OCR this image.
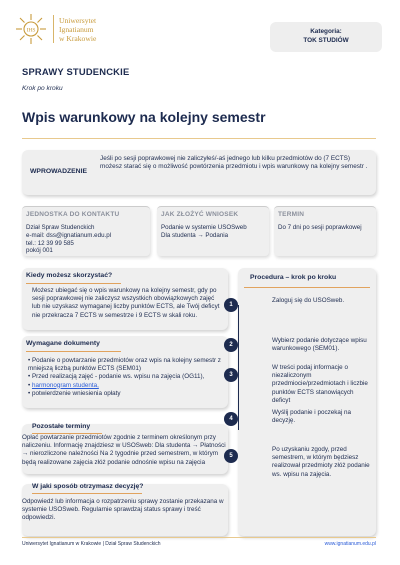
IHS
Uniwersytet
Ignatianum
w Krakowie
Kategoria:
TOK STUDIÓW
SPRAWY STUDENCKIE
Krok po kroku
Wpis warunkowy na kolejny semestr
WPROWADZENIE
Jeśli po sesji poprawkowej nie zaliczyłeś/-aś jednego lub kilku przedmiotów do (7 ECTS) możesz starać się o możliwość powtórzenia przedmiotu i wpis warunkowy na kolejny semestr .
JEDNOSTKA DO KONTAKTU
Dział Spraw Studenckich
e-mail: dss@ignatianum.edu.pl
tel.: 12 39 99 585
pokój 001
JAK ZŁOŻYĆ WNIOSEK
Podanie w systemie USOSweb
Dla studenta → Podania
TERMIN
Do 7 dni po sesji poprawkowej
Kiedy możesz skorzystać?
Możesz ubiegać się o wpis warunkowy na kolejny semestr, gdy po sesji poprawkowej nie zaliczysz wszystkich obowiązkowych zajęć lub nie uzyskasz wymaganej liczby punktów ECTS, ale Twój deficyt nie przekracza 7 ECTS w semestrze i 9 ECTS w skali roku.
Wymagane dokumenty
• Podanie o powtarzanie przedmiotów oraz wpis na kolejny semestr z mniejszą liczbą punktów ECTS (SEM01)
• Przed realizacją zajęć - podanie ws. wpisu na zajęcia (OG11),
• harmonogram studenta,
• potwierdzenie wniesienia opłaty
Pozostałe terminy
Opłać powtarzanie przedmiotów zgodnie z terminem określonym przy naliczeniu. Informację znajdziesz w USOSweb: Dla studenta → Płatności → nierozliczone należności Na 2 tygodnie przed semestrem, w którym będą realizowane zajęcia złóż podanie odnośnie wpisu na zajęcia
W jaki sposób otrzymasz decyzję?
Odpowiedź lub informacja o rozpatrzeniu sprawy zostanie przekazana w systemie USOSweb. Regularnie sprawdzaj status sprawy i treść odpowiedzi.
Procedura – krok po kroku
1
Zaloguj się do USOSweb.
2
Wybierz podanie dotyczące wpisu warunkowego (SEM01).
3
W treści podaj informacje o niezaliczonym przedmiocie/przedmiotach i liczbie punktów ECTS stanowiących deficyt
4
Wyślij podanie i poczekaj na decyzję.
5
Po uzyskaniu zgody, przed semestrem, w którym będziesz realizował przedmioty złóż podanie ws. wpisu na zajęcia.
Uniwersytet Ignatianum w Krakowie | Dział Spraw Studenckich	www.ignatianum.edu.pl
